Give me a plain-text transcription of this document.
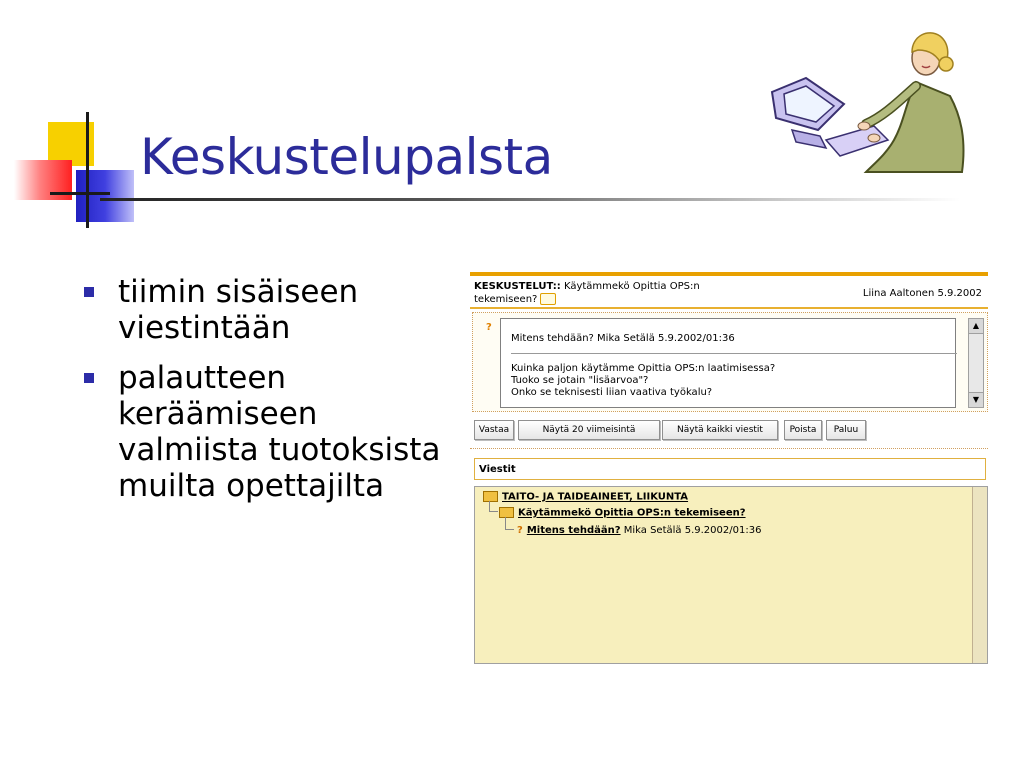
Keskustelupalsta
tiimin sisäiseen viestintään
palautteen keräämiseen valmiista tuotoksista muilta opettajilta
KESKUSTELUT:: Käytämmekö Opittia OPS:n
tekemiseen?
Liina Aaltonen 5.9.2002
?
Mitens tehdään? Mika Setälä 5.9.2002/01:36
Kuinka paljon käytämme Opittia OPS:n laatimisessa?
Tuoko se jotain "lisäarvoa"?
Onko se teknisesti liian vaativa työkalu?
▲
▼
Vastaa	Näytä 20 viimeisintä	Näytä kaikki viestit	Poista	Paluu
Viestit
TAITO- JA TAIDEAINEET, LIIKUNTA
Käytämmekö Opittia OPS:n tekemiseen?
? Mitens tehdään? Mika Setälä 5.9.2002/01:36
